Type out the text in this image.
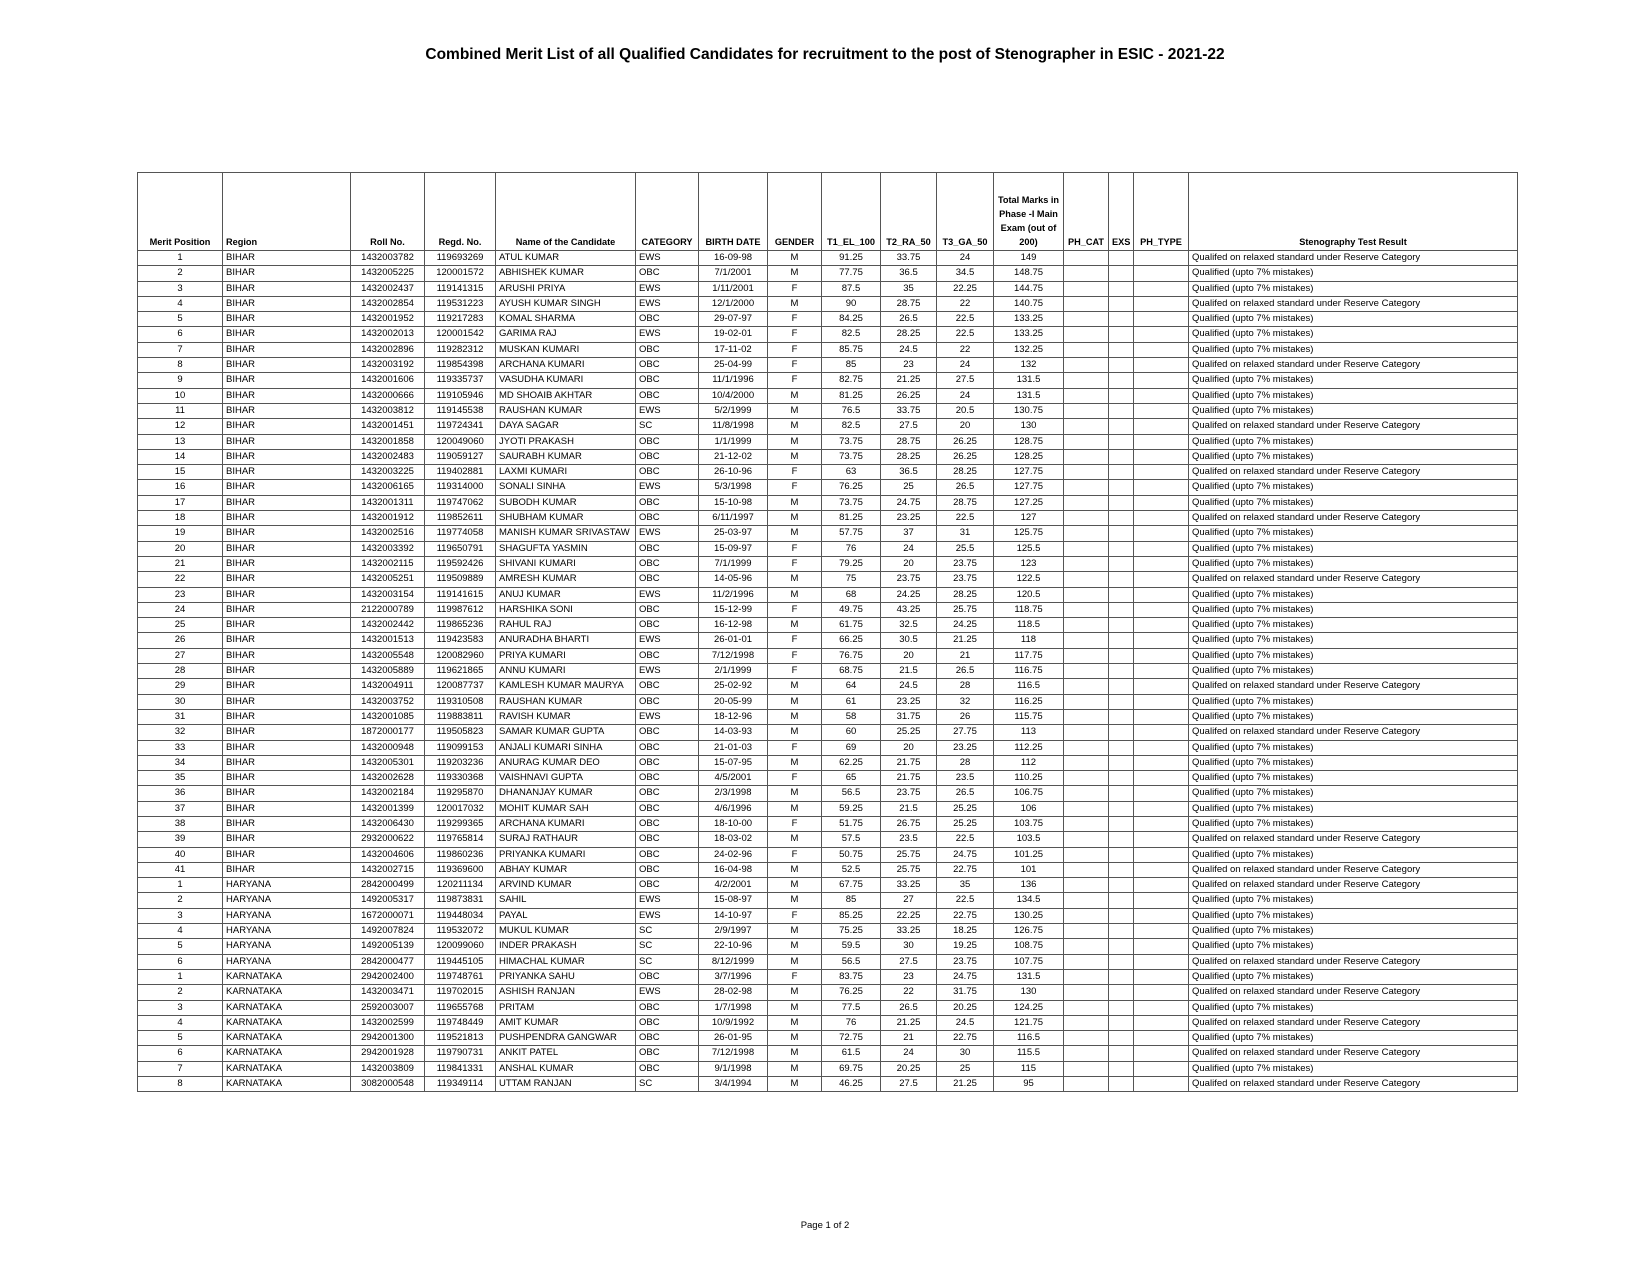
Combined Merit List of all Qualified Candidates for recruitment to the post of Stenographer in ESIC - 2021-22
Merit Position	Region	Roll No.	Regd. No.	Name of the Candidate	CATEGORY	BIRTH DATE	GENDER	T1_EL_100	T2_RA_50	T3_GA_50	Total Marks in Phase -I Main Exam (out of 200)	PH_CAT	EXS	PH_TYPE	Stenography Test Result
1	BIHAR	1432003782	119693269	ATUL KUMAR	EWS	16-09-98	M	91.25	33.75	24	149				Qualifed on relaxed standard under Reserve Category
2	BIHAR	1432005225	120001572	ABHISHEK KUMAR	OBC	7/1/2001	M	77.75	36.5	34.5	148.75				Qualified (upto 7% mistakes)
3	BIHAR	1432002437	119141315	ARUSHI PRIYA	EWS	1/11/2001	F	87.5	35	22.25	144.75				Qualified (upto 7% mistakes)
4	BIHAR	1432002854	119531223	AYUSH KUMAR SINGH	EWS	12/1/2000	M	90	28.75	22	140.75				Qualifed on relaxed standard under Reserve Category
5	BIHAR	1432001952	119217283	KOMAL SHARMA	OBC	29-07-97	F	84.25	26.5	22.5	133.25				Qualified (upto 7% mistakes)
6	BIHAR	1432002013	120001542	GARIMA RAJ	EWS	19-02-01	F	82.5	28.25	22.5	133.25				Qualified (upto 7% mistakes)
7	BIHAR	1432002896	119282312	MUSKAN KUMARI	OBC	17-11-02	F	85.75	24.5	22	132.25				Qualified (upto 7% mistakes)
8	BIHAR	1432003192	119854398	ARCHANA KUMARI	OBC	25-04-99	F	85	23	24	132				Qualifed on relaxed standard under Reserve Category
9	BIHAR	1432001606	119335737	VASUDHA KUMARI	OBC	11/1/1996	F	82.75	21.25	27.5	131.5				Qualified (upto 7% mistakes)
10	BIHAR	1432000666	119105946	MD SHOAIB AKHTAR	OBC	10/4/2000	M	81.25	26.25	24	131.5				Qualified (upto 7% mistakes)
11	BIHAR	1432003812	119145538	RAUSHAN KUMAR	EWS	5/2/1999	M	76.5	33.75	20.5	130.75				Qualified (upto 7% mistakes)
12	BIHAR	1432001451	119724341	DAYA SAGAR	SC	11/8/1998	M	82.5	27.5	20	130				Qualifed on relaxed standard under Reserve Category
13	BIHAR	1432001858	120049060	JYOTI PRAKASH	OBC	1/1/1999	M	73.75	28.75	26.25	128.75				Qualified (upto 7% mistakes)
14	BIHAR	1432002483	119059127	SAURABH KUMAR	OBC	21-12-02	M	73.75	28.25	26.25	128.25				Qualified (upto 7% mistakes)
15	BIHAR	1432003225	119402881	LAXMI KUMARI	OBC	26-10-96	F	63	36.5	28.25	127.75				Qualifed on relaxed standard under Reserve Category
16	BIHAR	1432006165	119314000	SONALI SINHA	EWS	5/3/1998	F	76.25	25	26.5	127.75				Qualified (upto 7% mistakes)
17	BIHAR	1432001311	119747062	SUBODH KUMAR	OBC	15-10-98	M	73.75	24.75	28.75	127.25				Qualified (upto 7% mistakes)
18	BIHAR	1432001912	119852611	SHUBHAM KUMAR	OBC	6/11/1997	M	81.25	23.25	22.5	127				Qualifed on relaxed standard under Reserve Category
19	BIHAR	1432002516	119774058	MANISH KUMAR SRIVASTAW	EWS	25-03-97	M	57.75	37	31	125.75				Qualified (upto 7% mistakes)
20	BIHAR	1432003392	119650791	SHAGUFTA YASMIN	OBC	15-09-97	F	76	24	25.5	125.5				Qualified (upto 7% mistakes)
21	BIHAR	1432002115	119592426	SHIVANI KUMARI	OBC	7/1/1999	F	79.25	20	23.75	123				Qualified (upto 7% mistakes)
22	BIHAR	1432005251	119509889	AMRESH KUMAR	OBC	14-05-96	M	75	23.75	23.75	122.5				Qualifed on relaxed standard under Reserve Category
23	BIHAR	1432003154	119141615	ANUJ KUMAR	EWS	11/2/1996	M	68	24.25	28.25	120.5				Qualified (upto 7% mistakes)
24	BIHAR	2122000789	119987612	HARSHIKA SONI	OBC	15-12-99	F	49.75	43.25	25.75	118.75				Qualified (upto 7% mistakes)
25	BIHAR	1432002442	119865236	RAHUL RAJ	OBC	16-12-98	M	61.75	32.5	24.25	118.5				Qualified (upto 7% mistakes)
26	BIHAR	1432001513	119423583	ANURADHA BHARTI	EWS	26-01-01	F	66.25	30.5	21.25	118				Qualified (upto 7% mistakes)
27	BIHAR	1432005548	120082960	PRIYA KUMARI	OBC	7/12/1998	F	76.75	20	21	117.75				Qualified (upto 7% mistakes)
28	BIHAR	1432005889	119621865	ANNU KUMARI	EWS	2/1/1999	F	68.75	21.5	26.5	116.75				Qualified (upto 7% mistakes)
29	BIHAR	1432004911	120087737	KAMLESH KUMAR MAURYA	OBC	25-02-92	M	64	24.5	28	116.5				Qualifed on relaxed standard under Reserve Category
30	BIHAR	1432003752	119310508	RAUSHAN KUMAR	OBC	20-05-99	M	61	23.25	32	116.25				Qualified (upto 7% mistakes)
31	BIHAR	1432001085	119883811	RAVISH KUMAR	EWS	18-12-96	M	58	31.75	26	115.75				Qualified (upto 7% mistakes)
32	BIHAR	1872000177	119505823	SAMAR KUMAR GUPTA	OBC	14-03-93	M	60	25.25	27.75	113				Qualifed on relaxed standard under Reserve Category
33	BIHAR	1432000948	119099153	ANJALI KUMARI SINHA	OBC	21-01-03	F	69	20	23.25	112.25				Qualified (upto 7% mistakes)
34	BIHAR	1432005301	119203236	ANURAG KUMAR DEO	OBC	15-07-95	M	62.25	21.75	28	112				Qualified (upto 7% mistakes)
35	BIHAR	1432002628	119330368	VAISHNAVI GUPTA	OBC	4/5/2001	F	65	21.75	23.5	110.25				Qualified (upto 7% mistakes)
36	BIHAR	1432002184	119295870	DHANANJAY KUMAR	OBC	2/3/1998	M	56.5	23.75	26.5	106.75				Qualified (upto 7% mistakes)
37	BIHAR	1432001399	120017032	MOHIT KUMAR SAH	OBC	4/6/1996	M	59.25	21.5	25.25	106				Qualified (upto 7% mistakes)
38	BIHAR	1432006430	119299365	ARCHANA KUMARI	OBC	18-10-00	F	51.75	26.75	25.25	103.75				Qualified (upto 7% mistakes)
39	BIHAR	2932000622	119765814	SURAJ RATHAUR	OBC	18-03-02	M	57.5	23.5	22.5	103.5				Qualifed on relaxed standard under Reserve Category
40	BIHAR	1432004606	119860236	PRIYANKA KUMARI	OBC	24-02-96	F	50.75	25.75	24.75	101.25				Qualified (upto 7% mistakes)
41	BIHAR	1432002715	119369600	ABHAY KUMAR	OBC	16-04-98	M	52.5	25.75	22.75	101				Qualifed on relaxed standard under Reserve Category
1	HARYANA	2842000499	120211134	ARVIND KUMAR	OBC	4/2/2001	M	67.75	33.25	35	136				Qualifed on relaxed standard under Reserve Category
2	HARYANA	1492005317	119873831	SAHIL	EWS	15-08-97	M	85	27	22.5	134.5				Qualified (upto 7% mistakes)
3	HARYANA	1672000071	119448034	PAYAL	EWS	14-10-97	F	85.25	22.25	22.75	130.25				Qualified (upto 7% mistakes)
4	HARYANA	1492007824	119532072	MUKUL KUMAR	SC	2/9/1997	M	75.25	33.25	18.25	126.75				Qualified (upto 7% mistakes)
5	HARYANA	1492005139	120099060	INDER PRAKASH	SC	22-10-96	M	59.5	30	19.25	108.75				Qualified (upto 7% mistakes)
6	HARYANA	2842000477	119445105	HIMACHAL KUMAR	SC	8/12/1999	M	56.5	27.5	23.75	107.75				Qualifed on relaxed standard under Reserve Category
1	KARNATAKA	2942002400	119748761	PRIYANKA SAHU	OBC	3/7/1996	F	83.75	23	24.75	131.5				Qualified (upto 7% mistakes)
2	KARNATAKA	1432003471	119702015	ASHISH RANJAN	EWS	28-02-98	M	76.25	22	31.75	130				Qualifed on relaxed standard under Reserve Category
3	KARNATAKA	2592003007	119655768	PRITAM	OBC	1/7/1998	M	77.5	26.5	20.25	124.25				Qualified (upto 7% mistakes)
4	KARNATAKA	1432002599	119748449	AMIT KUMAR	OBC	10/9/1992	M	76	21.25	24.5	121.75				Qualifed on relaxed standard under Reserve Category
5	KARNATAKA	2942001300	119521813	PUSHPENDRA GANGWAR	OBC	26-01-95	M	72.75	21	22.75	116.5				Qualified (upto 7% mistakes)
6	KARNATAKA	2942001928	119790731	ANKIT PATEL	OBC	7/12/1998	M	61.5	24	30	115.5				Qualifed on relaxed standard under Reserve Category
7	KARNATAKA	1432003809	119841331	ANSHAL KUMAR	OBC	9/1/1998	M	69.75	20.25	25	115				Qualified (upto 7% mistakes)
8	KARNATAKA	3082000548	119349114	UTTAM RANJAN	SC	3/4/1994	M	46.25	27.5	21.25	95				Qualifed on relaxed standard under Reserve Category
Page 1 of 2
